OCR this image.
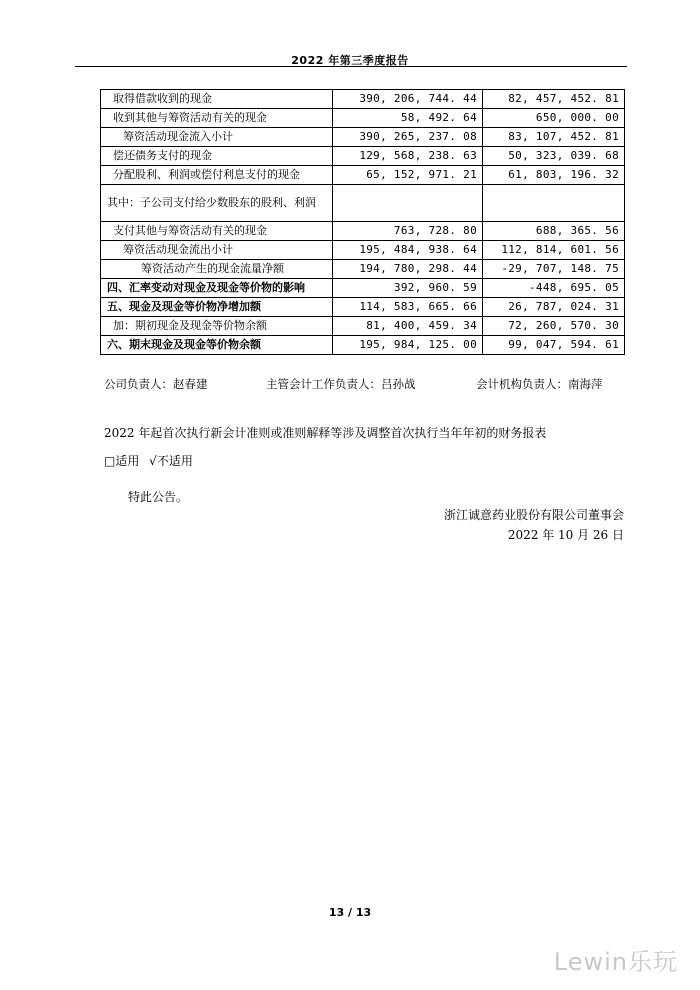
2022 年第三季度报告
取得借款收到的现金	390, 206, 744. 44	82, 457, 452. 81
收到其他与筹资活动有关的现金	58, 492. 64	650, 000. 00
筹资活动现金流入小计	390, 265, 237. 08	83, 107, 452. 81
偿还债务支付的现金	129, 568, 238. 63	50, 323, 039. 68
分配股利、利润或偿付利息支付的现金	65, 152, 971. 21	61, 803, 196. 32
其中：子公司支付给少数股东的股利、利润		
支付其他与筹资活动有关的现金	763, 728. 80	688, 365. 56
筹资活动现金流出小计	195, 484, 938. 64	112, 814, 601. 56
筹资活动产生的现金流量净额	194, 780, 298. 44	-29, 707, 148. 75
四、汇率变动对现金及现金等价物的影响	392, 960. 59	-448, 695. 05
五、现金及现金等价物净增加额	114, 583, 665. 66	26, 787, 024. 31
加：期初现金及现金等价物余额	81, 400, 459. 34	72, 260, 570. 30
六、期末现金及现金等价物余额	195, 984, 125. 00	99, 047, 594. 61
公司负责人：赵春建	主管会计工作负责人：吕孙战	会计机构负责人：南海萍
2022 年起首次执行新会计准则或准则解释等涉及调整首次执行当年年初的财务报表
□适用 √不适用
特此公告。
浙江诚意药业股份有限公司董事会
2022 年 10 月 26 日
13 / 13
Lewin乐玩
